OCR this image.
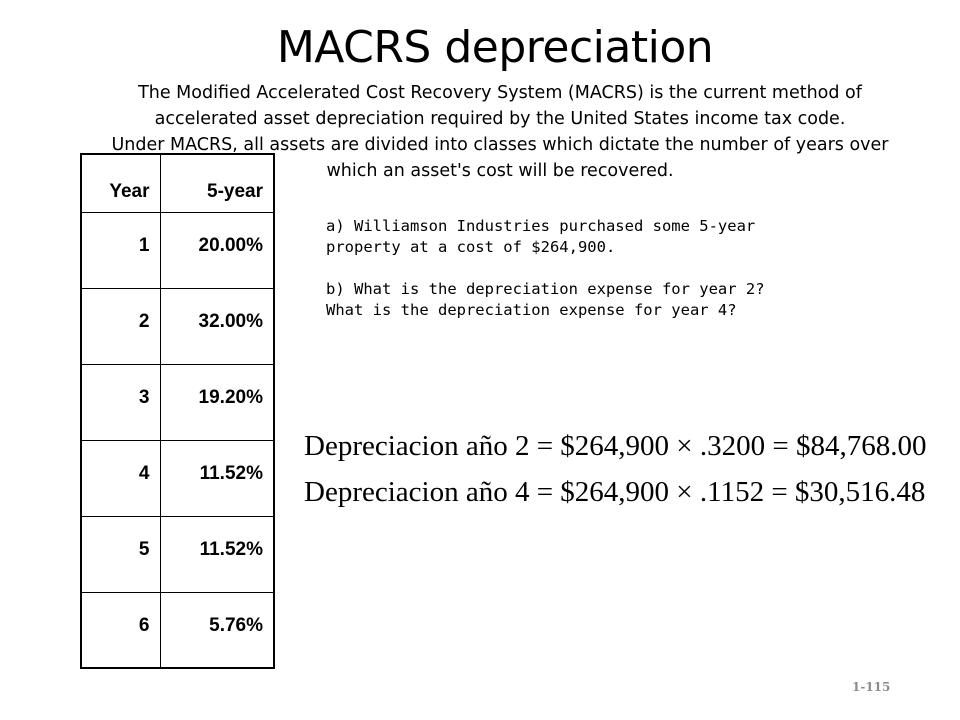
MACRS depreciation
The Modified Accelerated Cost Recovery System (MACRS) is the current method of
accelerated asset depreciation required by the United States income tax code.
Under MACRS, all assets are divided into classes which dictate the number of years over
which an asset's cost will be recovered.
Year	5-year
1	20.00%
2	32.00%
3	19.20%
4	11.52%
5	11.52%
6	5.76%

a) Williamson Industries purchased some 5-year
property at a cost of $264,900.

b) What is the depreciation expense for year 2?
What is the depreciation expense for year 4?

Depreciacion año 2 = $264,900 × .3200 = $84,768.00
Depreciacion año 4 = $264,900 × .1152 = $30,516.48
1-115
